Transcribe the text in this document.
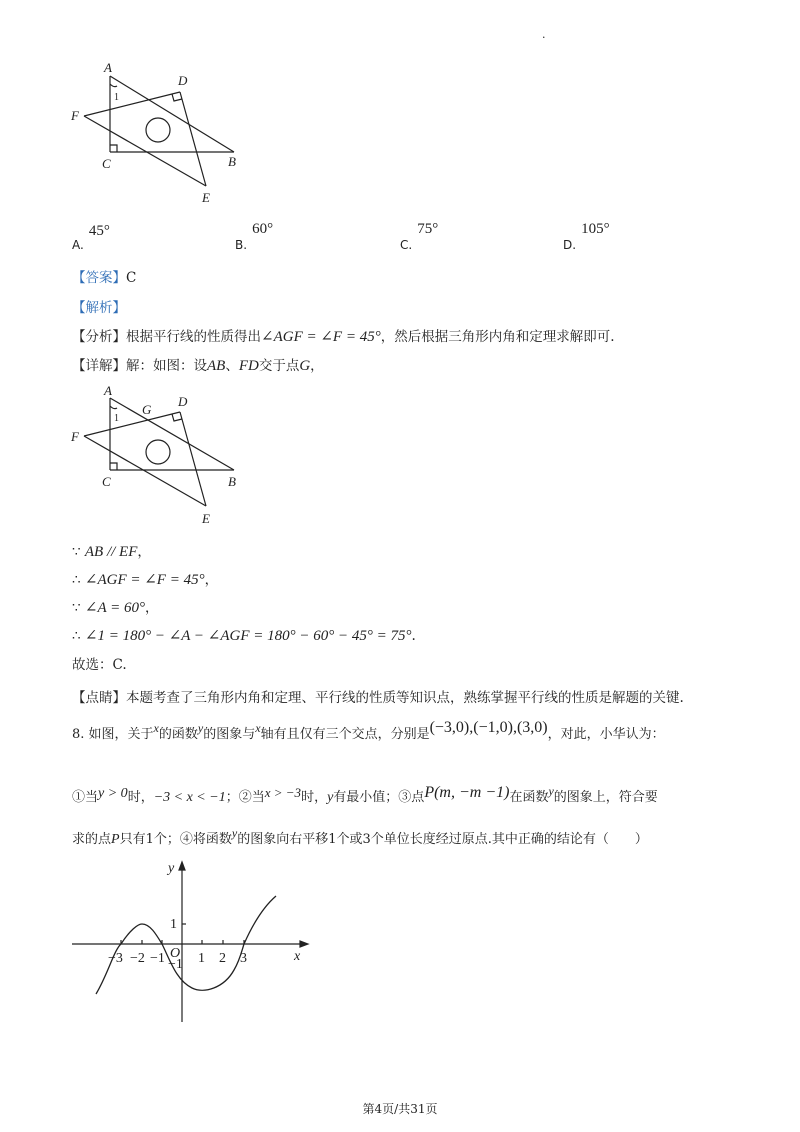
.
A
D
F
C	B
E
1
$_{A.}$ 45°
$_{B.}$ 60°
$_{C.}$ 75°
$_{D.}$ 105°
【答案】C
【解析】
【分析】根据平行线的性质得出∠AGF = ∠F = 45°，然后根据三角形内角和定理求解即可.
【详解】解：如图：设AB、FD交于点G，
A
G
D
F
C	B
E
1
∵ AB // EF，
∴ ∠AGF = ∠F = 45°，
∵ ∠A = 60°，
∴ ∠1 = 180° − ∠A − ∠AGF = 180° − 60° − 45° = 75°.
故选：C.
【点睛】本题考查了三角形内角和定理、平行线的性质等知识点，熟练掌握平行线的性质是解题的关键.
8. 如图，关于x的函数y的图象与x轴有且仅有三个交点，分别是(−3,0),(−1,0),(3,0)，对此，小华认为：
①当y > 0时，−3 < x < −1；②当x > −3时，y有最小值；③点P(m, −m −1)在函数y的图象上，符合要
求的点P只有1个；④将函数y的图象向右平移1个或3个单位长度经过原点.其中正确的结论有（　　）
y
x
O
1
−1
−3 −2 −1 1 2 3
第4页/共31页
